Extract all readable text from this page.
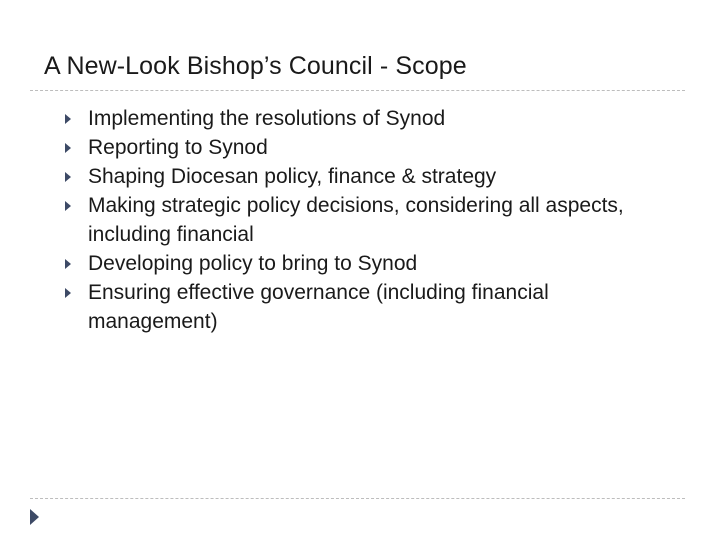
A New-Look Bishop’s Council - Scope
Implementing the resolutions of Synod
Reporting to Synod
Shaping Diocesan policy, finance & strategy
Making strategic policy decisions, considering all aspects, including financial
Developing policy to bring to Synod
Ensuring effective governance (including financial management)
